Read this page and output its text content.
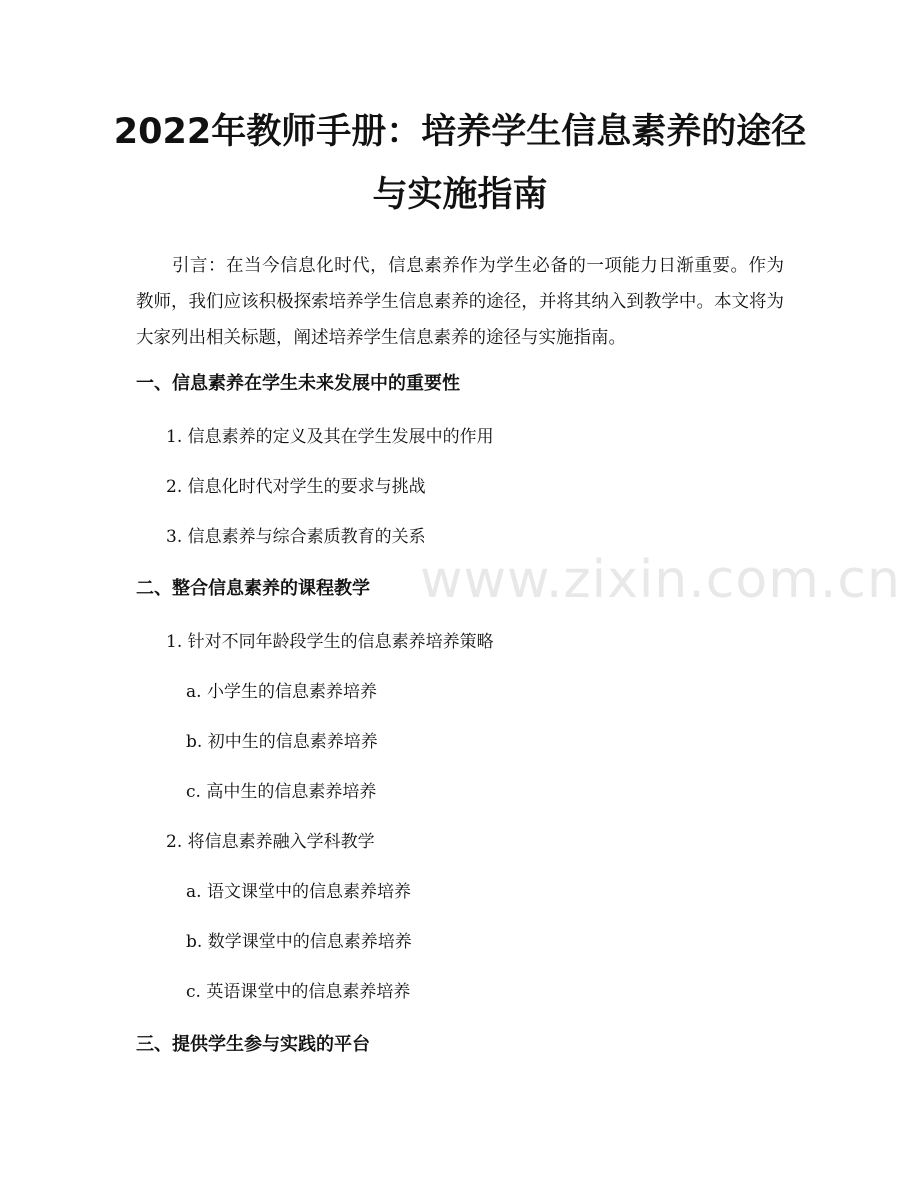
2022年教师手册：培养学生信息素养的途径
与实施指南

引言：在当今信息化时代，信息素养作为学生必备的一项能力日渐重要。作为教师，我们应该积极探索培养学生信息素养的途径，并将其纳入到教学中。本文将为大家列出相关标题，阐述培养学生信息素养的途径与实施指南。

一、信息素养在学生未来发展中的重要性

1. 信息素养的定义及其在学生发展中的作用

2. 信息化时代对学生的要求与挑战

3. 信息素养与综合素质教育的关系

二、整合信息素养的课程教学

1. 针对不同年龄段学生的信息素养培养策略

a. 小学生的信息素养培养

b. 初中生的信息素养培养

c. 高中生的信息素养培养

2. 将信息素养融入学科教学

a. 语文课堂中的信息素养培养

b. 数学课堂中的信息素养培养

c. 英语课堂中的信息素养培养

三、提供学生参与实践的平台
www.zixin.com.cn
